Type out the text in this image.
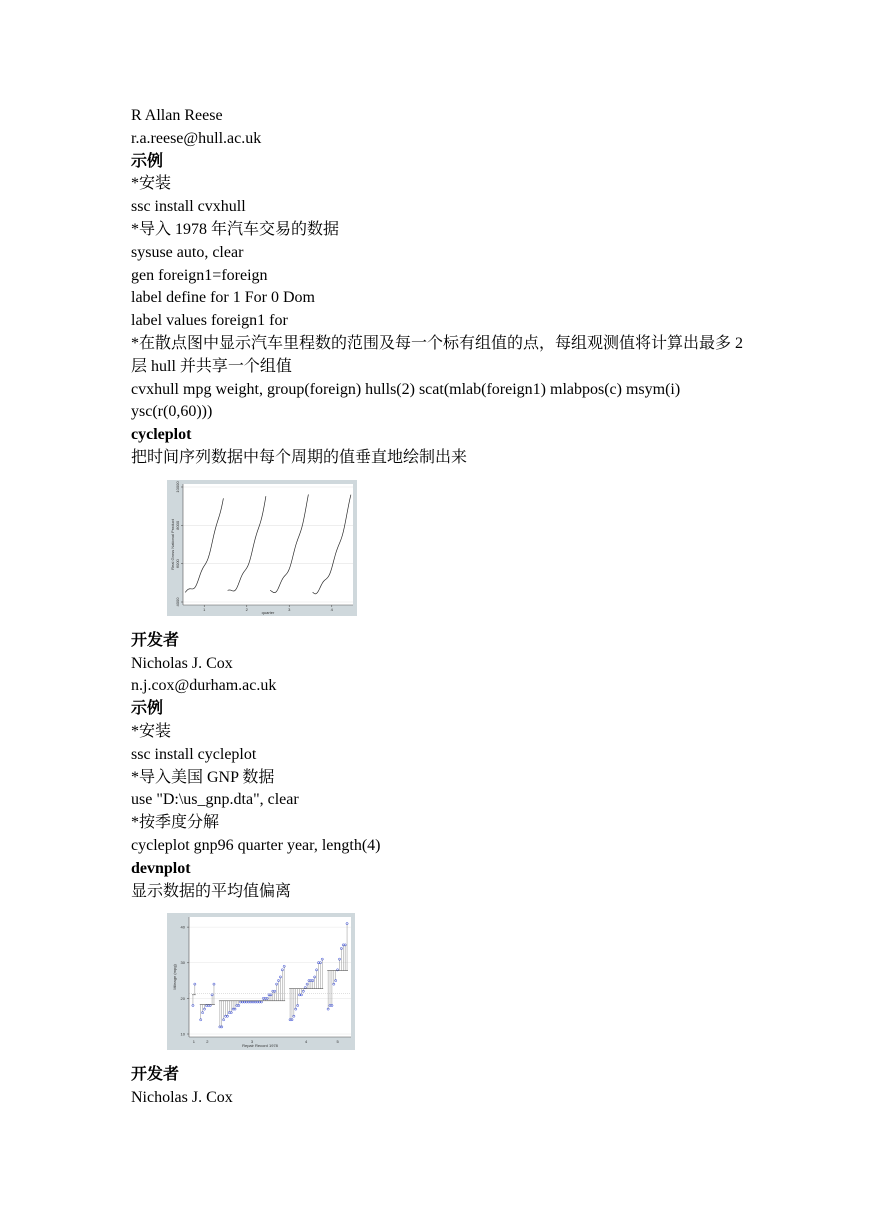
R Allan Reese
r.a.reese@hull.ac.uk
示例
*安装
ssc install cvxhull
*导入 1978 年汽车交易的数据
sysuse auto, clear
gen foreign1=foreign
label define for 1 For 0 Dom
label values foreign1 for
*在散点图中显示汽车里程数的范围及每一个标有组值的点，每组观测值将计算出最多 2 层 hull 并共享一个组值
cvxhull mpg weight, group(foreign) hulls(2) scat(mlab(foreign1) mlabpos(c) msym(i) ysc(r(0,60)))
cycleplot
把时间序列数据中每个周期的值垂直地绘制出来
4000
6000
8000
10000
1	2	3	4
quarter
Real Gross National Product
开发者
Nicholas J. Cox
n.j.cox@durham.ac.uk
示例
*安装
ssc install cycleplot
*导入美国 GNP 数据
use "D:\us_gnp.dta", clear
*按季度分解
cycleplot gnp96 quarter year, length(4)
devnplot
显示数据的平均值偏离
10
20
30
40
Repair Record 1978
Mileage (mpg)
1	2	3	4	5
开发者
Nicholas J. Cox
